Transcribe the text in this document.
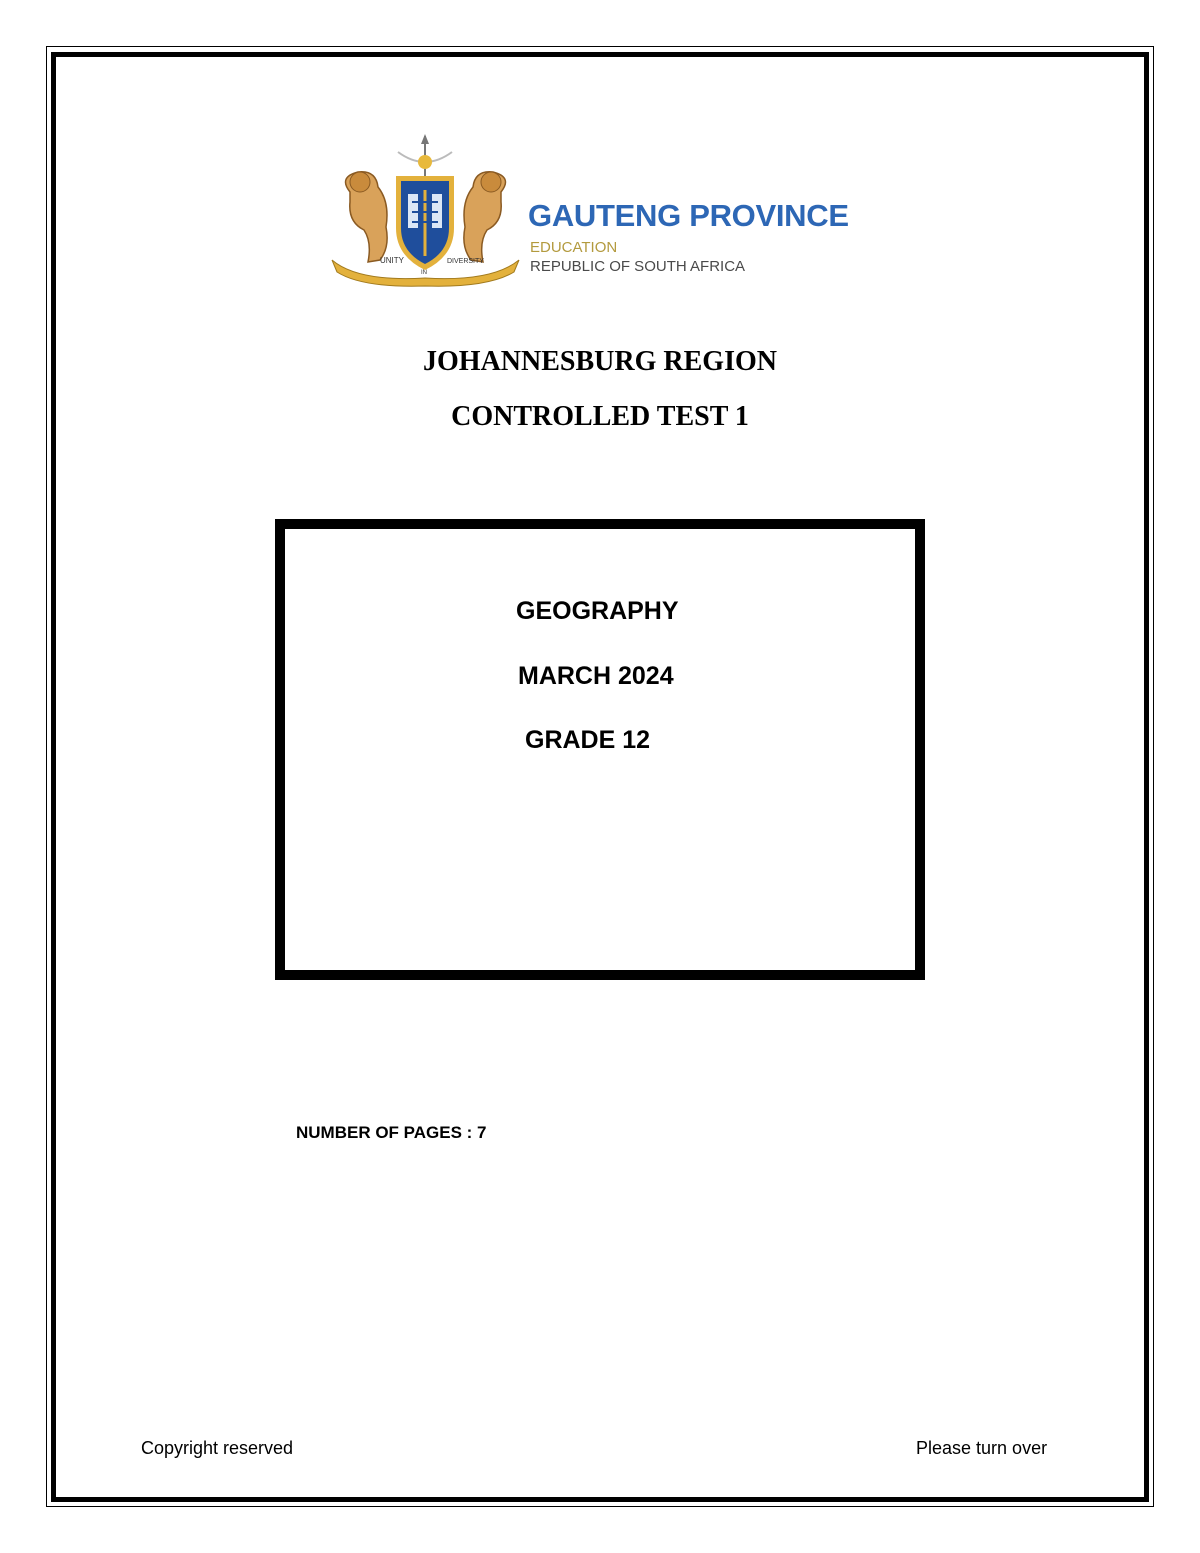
UNITY
IN
DIVERSITY
GAUTENG PROVINCE
EDUCATION
REPUBLIC OF SOUTH AFRICA
JOHANNESBURG REGION
CONTROLLED TEST 1
GEOGRAPHY
MARCH 2024
GRADE 12
NUMBER OF PAGES : 7
Copyright reserved	Please turn over
